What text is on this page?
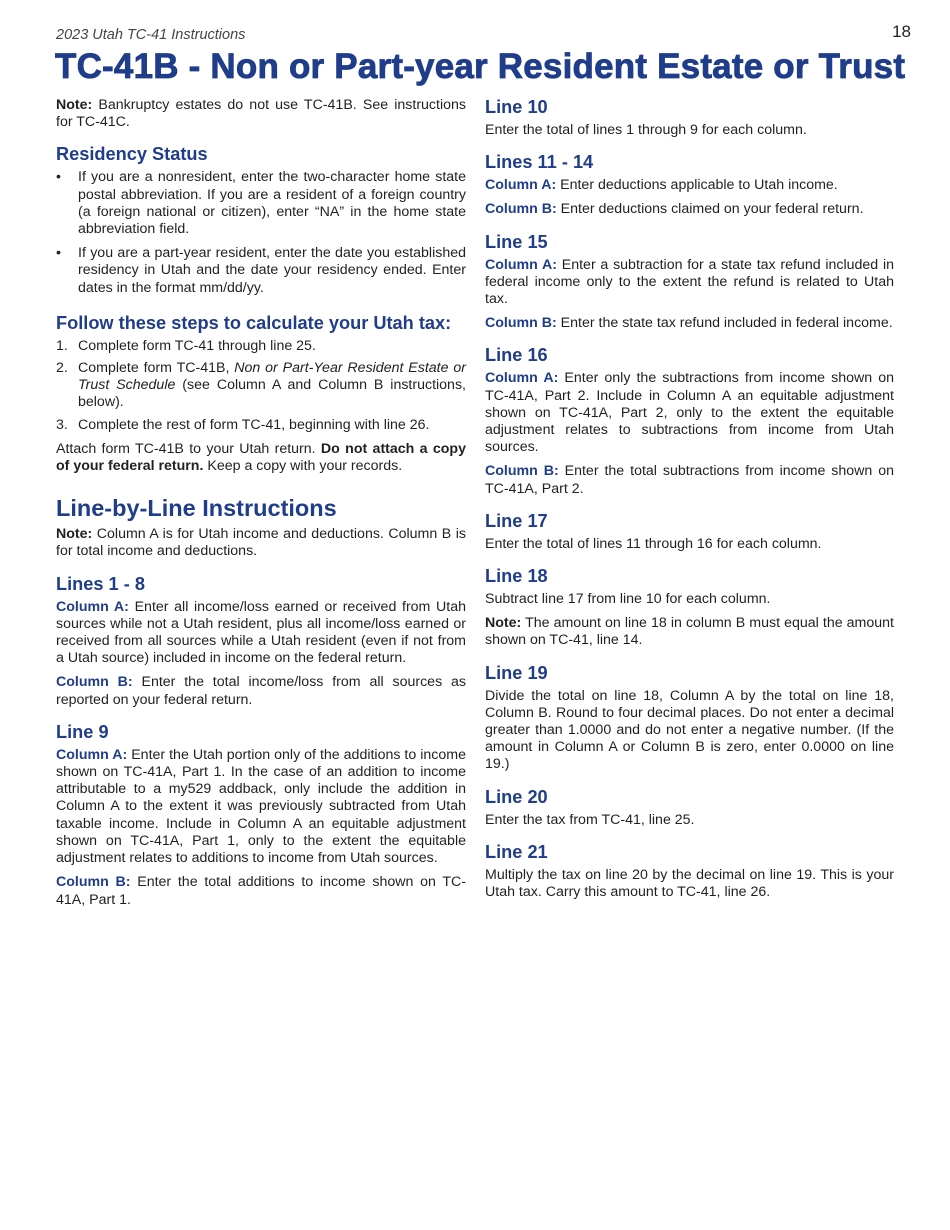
2023 Utah TC-41 Instructions	18
TC-41B - Non or Part-year Resident Estate or Trust

Note: Bankruptcy estates do not use TC-41B. See instructions for TC-41C.

Residency Status
• If you are a nonresident, enter the two-character home state postal abbreviation. If you are a resident of a foreign country (a foreign national or citizen), enter “NA” in the home state abbreviation field.
• If you are a part-year resident, enter the date you established residency in Utah and the date your residency ended. Enter dates in the format mm/dd/yy.
Follow these steps to calculate your Utah tax:
1. Complete form TC-41 through line 25.
2. Complete form TC-41B, Non or Part-Year Resident Estate or Trust Schedule (see Column A and Column B instructions, below).
3. Complete the rest of form TC-41, beginning with line 26.

Attach form TC-41B to your Utah return. Do not attach a copy of your federal return. Keep a copy with your records.

Line-by-Line Instructions

Note: Column A is for Utah income and deductions. Column B is for total income and deductions.

Lines 1 - 8

Column A: Enter all income/loss earned or received from Utah sources while not a Utah resident, plus all income/loss earned or received from all sources while a Utah resident (even if not from a Utah source) included in income on the federal return.

Column B: Enter the total income/loss from all sources as reported on your federal return.

Line 9

Column A: Enter the Utah portion only of the additions to income shown on TC-41A, Part 1. In the case of an addition to income attributable to a my529 addback, only include the addition in Column A to the extent it was previously subtracted from Utah taxable income. Include in Column A an equitable adjustment shown on TC-41A, Part 1, only to the extent the equitable adjustment relates to additions to income from Utah sources.

Column B: Enter the total additions to income shown on TC-41A, Part 1.

Line 10

Enter the total of lines 1 through 9 for each column.

Lines 11 - 14

Column A: Enter deductions applicable to Utah income.

Column B: Enter deductions claimed on your federal return.

Line 15

Column A: Enter a subtraction for a state tax refund included in federal income only to the extent the refund is related to Utah tax.

Column B: Enter the state tax refund included in federal income.

Line 16

Column A: Enter only the subtractions from income shown on TC-41A, Part 2. Include in Column A an equitable adjustment shown on TC-41A, Part 2, only to the extent the equitable adjustment relates to subtractions from income from Utah sources.

Column B: Enter the total subtractions from income shown on TC-41A, Part 2.

Line 17

Enter the total of lines 11 through 16 for each column.

Line 18

Subtract line 17 from line 10 for each column.

Note: The amount on line 18 in column B must equal the amount shown on TC-41, line 14.

Line 19

Divide the total on line 18, Column A by the total on line 18, Column B. Round to four decimal places. Do not enter a decimal greater than 1.0000 and do not enter a negative number. (If the amount in Column A or Column B is zero, enter 0.0000 on line 19.)

Line 20

Enter the tax from TC-41, line 25.

Line 21

Multiply the tax on line 20 by the decimal on line 19. This is your Utah tax. Carry this amount to TC-41, line 26.
